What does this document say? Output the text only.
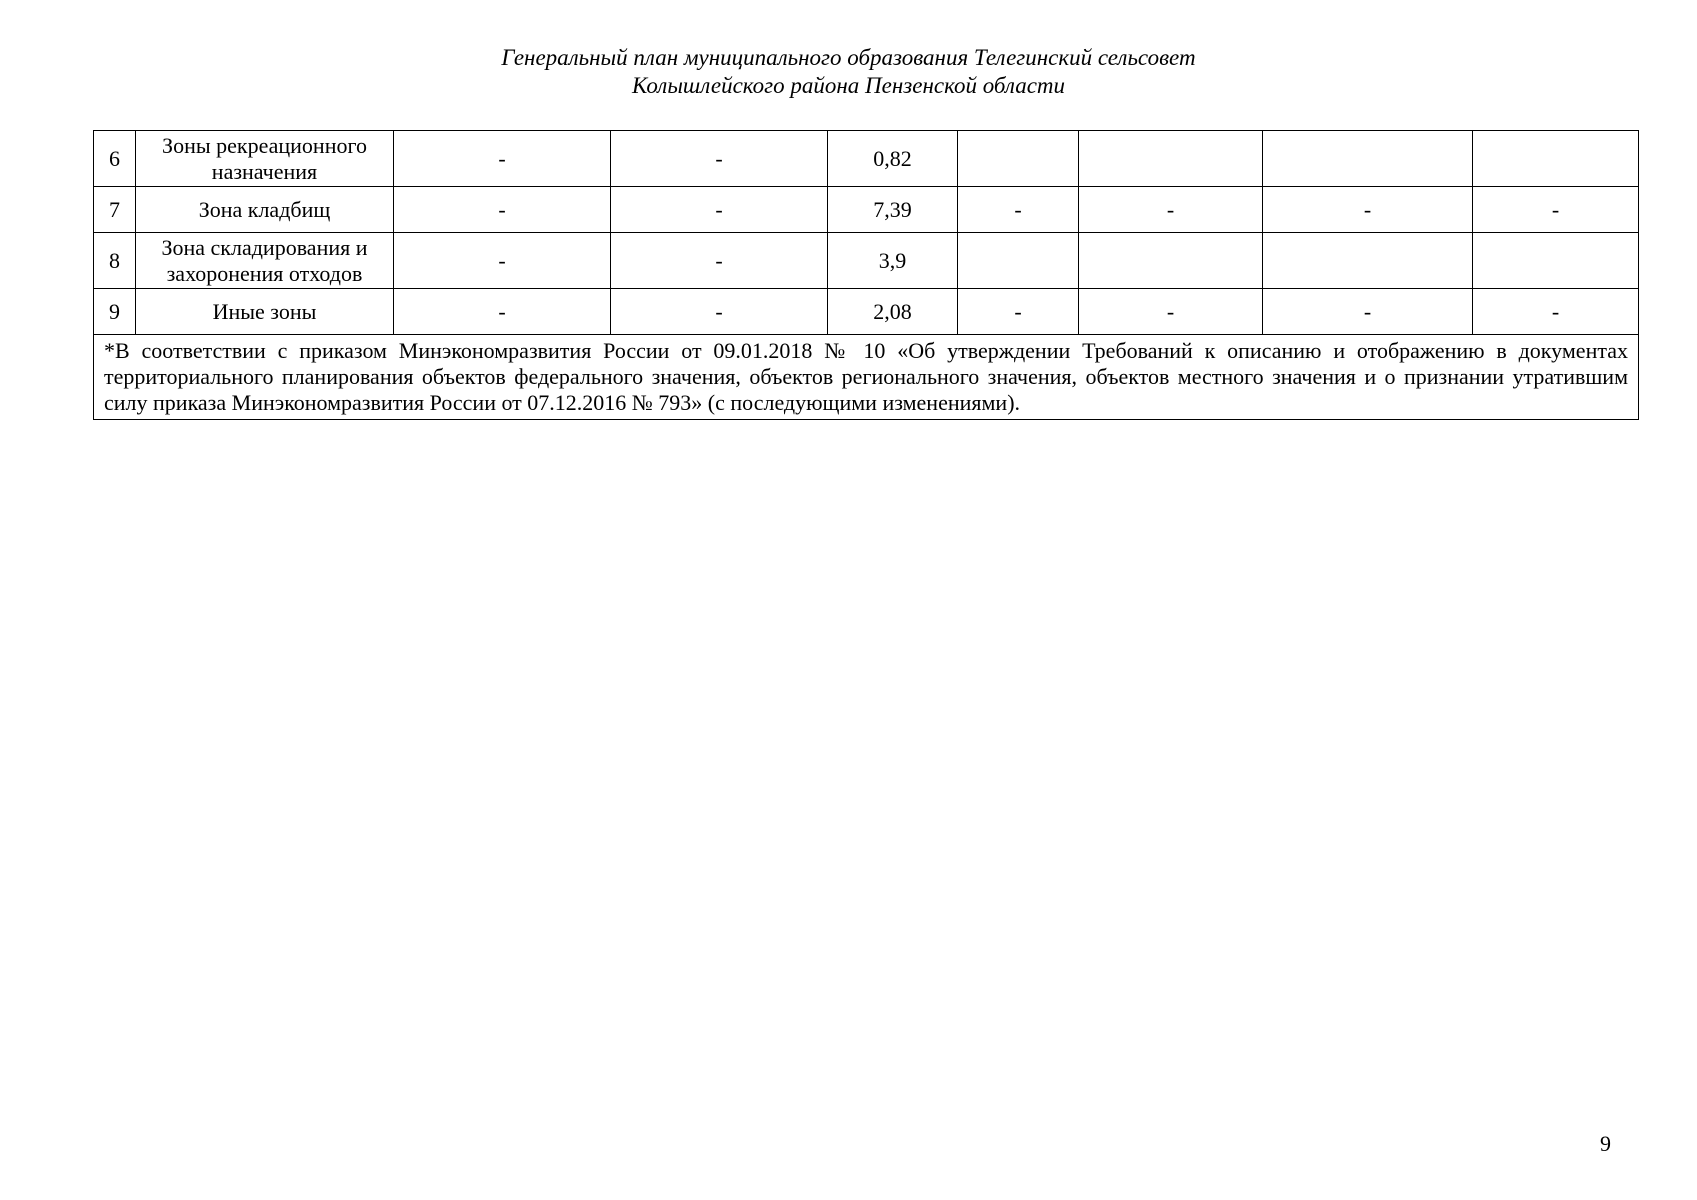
Генеральный план муниципального образования Телегинский сельсовет
Колышлейского района Пензенской области
6	Зоны рекреационного назначения	-	-	0,82				
7	Зона кладбищ	-	-	7,39	-	-	-	-
8	Зона складирования и захоронения отходов	-	-	3,9				
9	Иные зоны	-	-	2,08	-	-	-	-

*В соответствии с приказом Минэкономразвития России от 09.01.2018 № 10 «Об утверждении Требований к описанию и отображению в документах территориального планирования объектов федерального значения, объектов регионального значения, объектов местного значения и о признании утратившим силу приказа Минэкономразвития России от 07.12.2016 № 793» (с последующими изменениями).								
9
